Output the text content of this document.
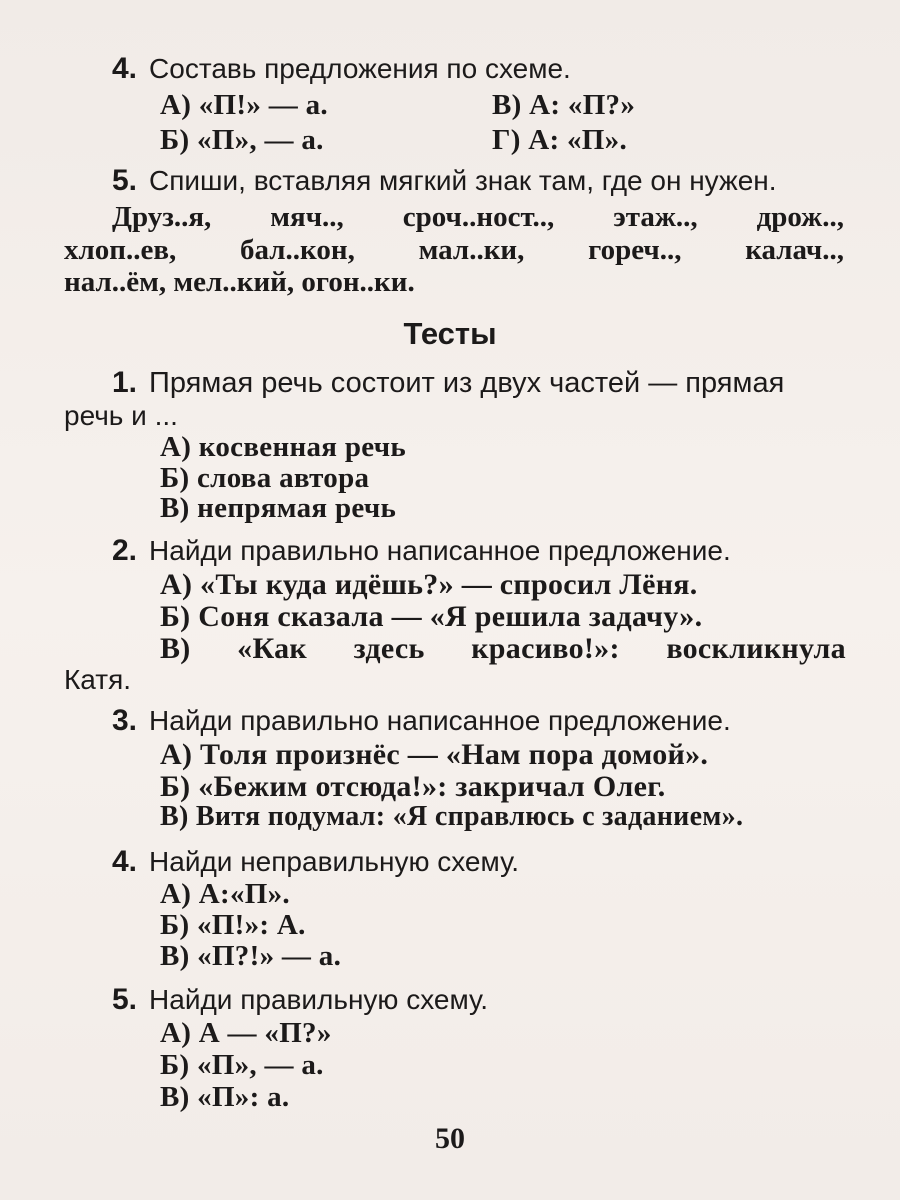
4. Составь предложения по схеме.
А) «П!» — а.	В) А: «П?»
Б) «П», — а.	Г) А: «П».
5. Спиши, вставляя мягкий знак там, где он нужен.
Друз..я, мяч.., сроч..ност.., этаж.., дрож..,
хлоп..ев, бал..кон, мал..ки, гореч.., калач..,
нал..ём, мел..кий, огон..ки.
Тесты
1. Прямая речь состоит из двух частей — прямая
речь и ...
А) косвенная речь
Б) слова автора
В) непрямая речь
2. Найди правильно написанное предложение.
А) «Ты куда идёшь?» — спросил Лёня.
Б) Соня сказала — «Я решила задачу».
В) «Как здесь красиво!»: воскликнула
Катя.
3. Найди правильно написанное предложение.
А) Толя произнёс — «Нам пора домой».
Б) «Бежим отсюда!»: закричал Олег.
В) Витя подумал: «Я справлюсь с заданием».
4. Найди неправильную схему.
А) А:«П».
Б) «П!»: А.
В) «П?!» — а.
5. Найди правильную схему.
А) А — «П?»
Б) «П», — а.
В) «П»: а.
50
